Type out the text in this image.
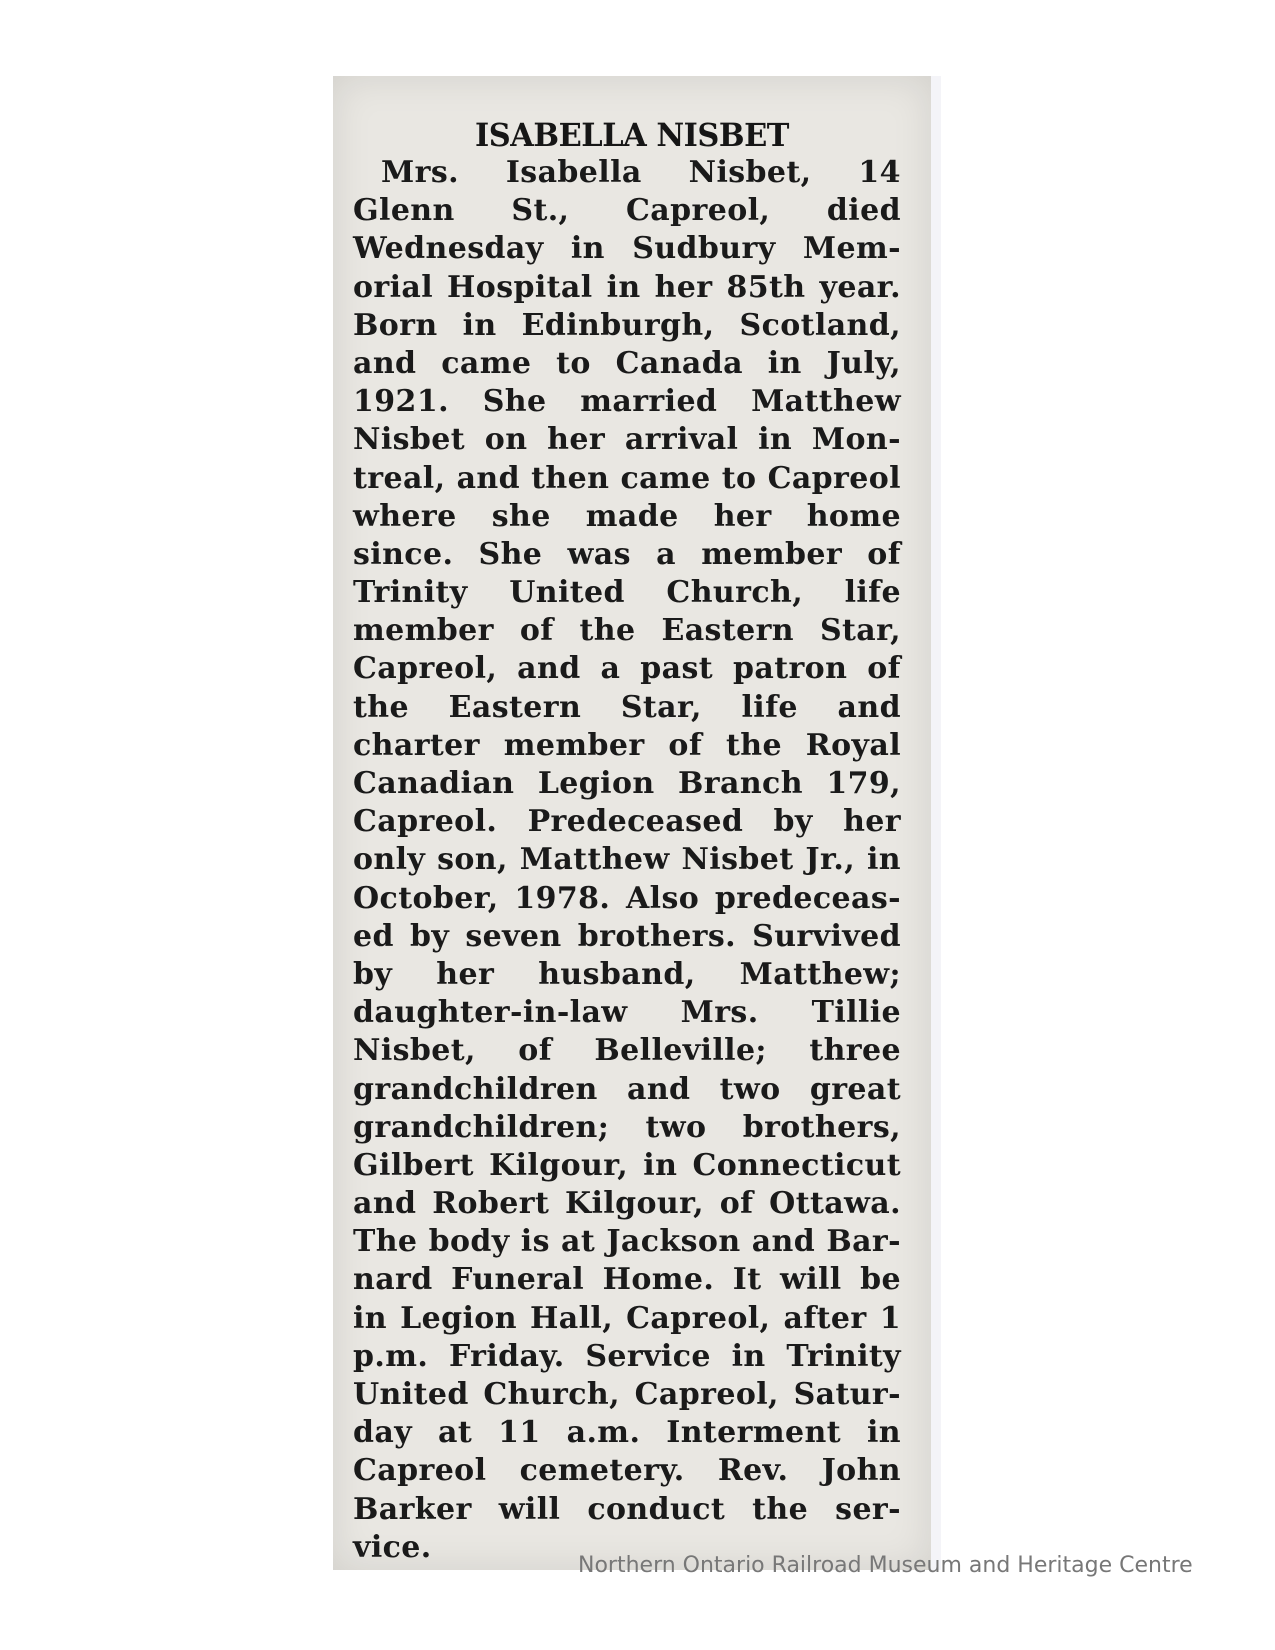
ISABELLA NISBET
Mrs. Isabella Nisbet, 14
Glenn St., Capreol, died
Wednesday in Sudbury Mem-
orial Hospital in her 85th year.
Born in Edinburgh, Scotland,
and came to Canada in July,
1921. She married Matthew
Nisbet on her arrival in Mon-
treal, and then came to Capreol
where she made her home
since. She was a member of
Trinity United Church, life
member of the Eastern Star,
Capreol, and a past patron of
the Eastern Star, life and
charter member of the Royal
Canadian Legion Branch 179,
Capreol. Predeceased by her
only son, Matthew Nisbet Jr., in
October, 1978. Also predeceas-
ed by seven brothers. Survived
by her husband, Matthew;
daughter-in-law Mrs. Tillie
Nisbet, of Belleville; three
grandchildren and two great
grandchildren; two brothers,
Gilbert Kilgour, in Connecticut
and Robert Kilgour, of Ottawa.
The body is at Jackson and Bar-
nard Funeral Home. It will be
in Legion Hall, Capreol, after 1
p.m. Friday. Service in Trinity
United Church, Capreol, Satur-
day at 11 a.m. Interment in
Capreol cemetery. Rev. John
Barker will conduct the ser-
vice.
Northern Ontario Railroad Museum and Heritage Centre
